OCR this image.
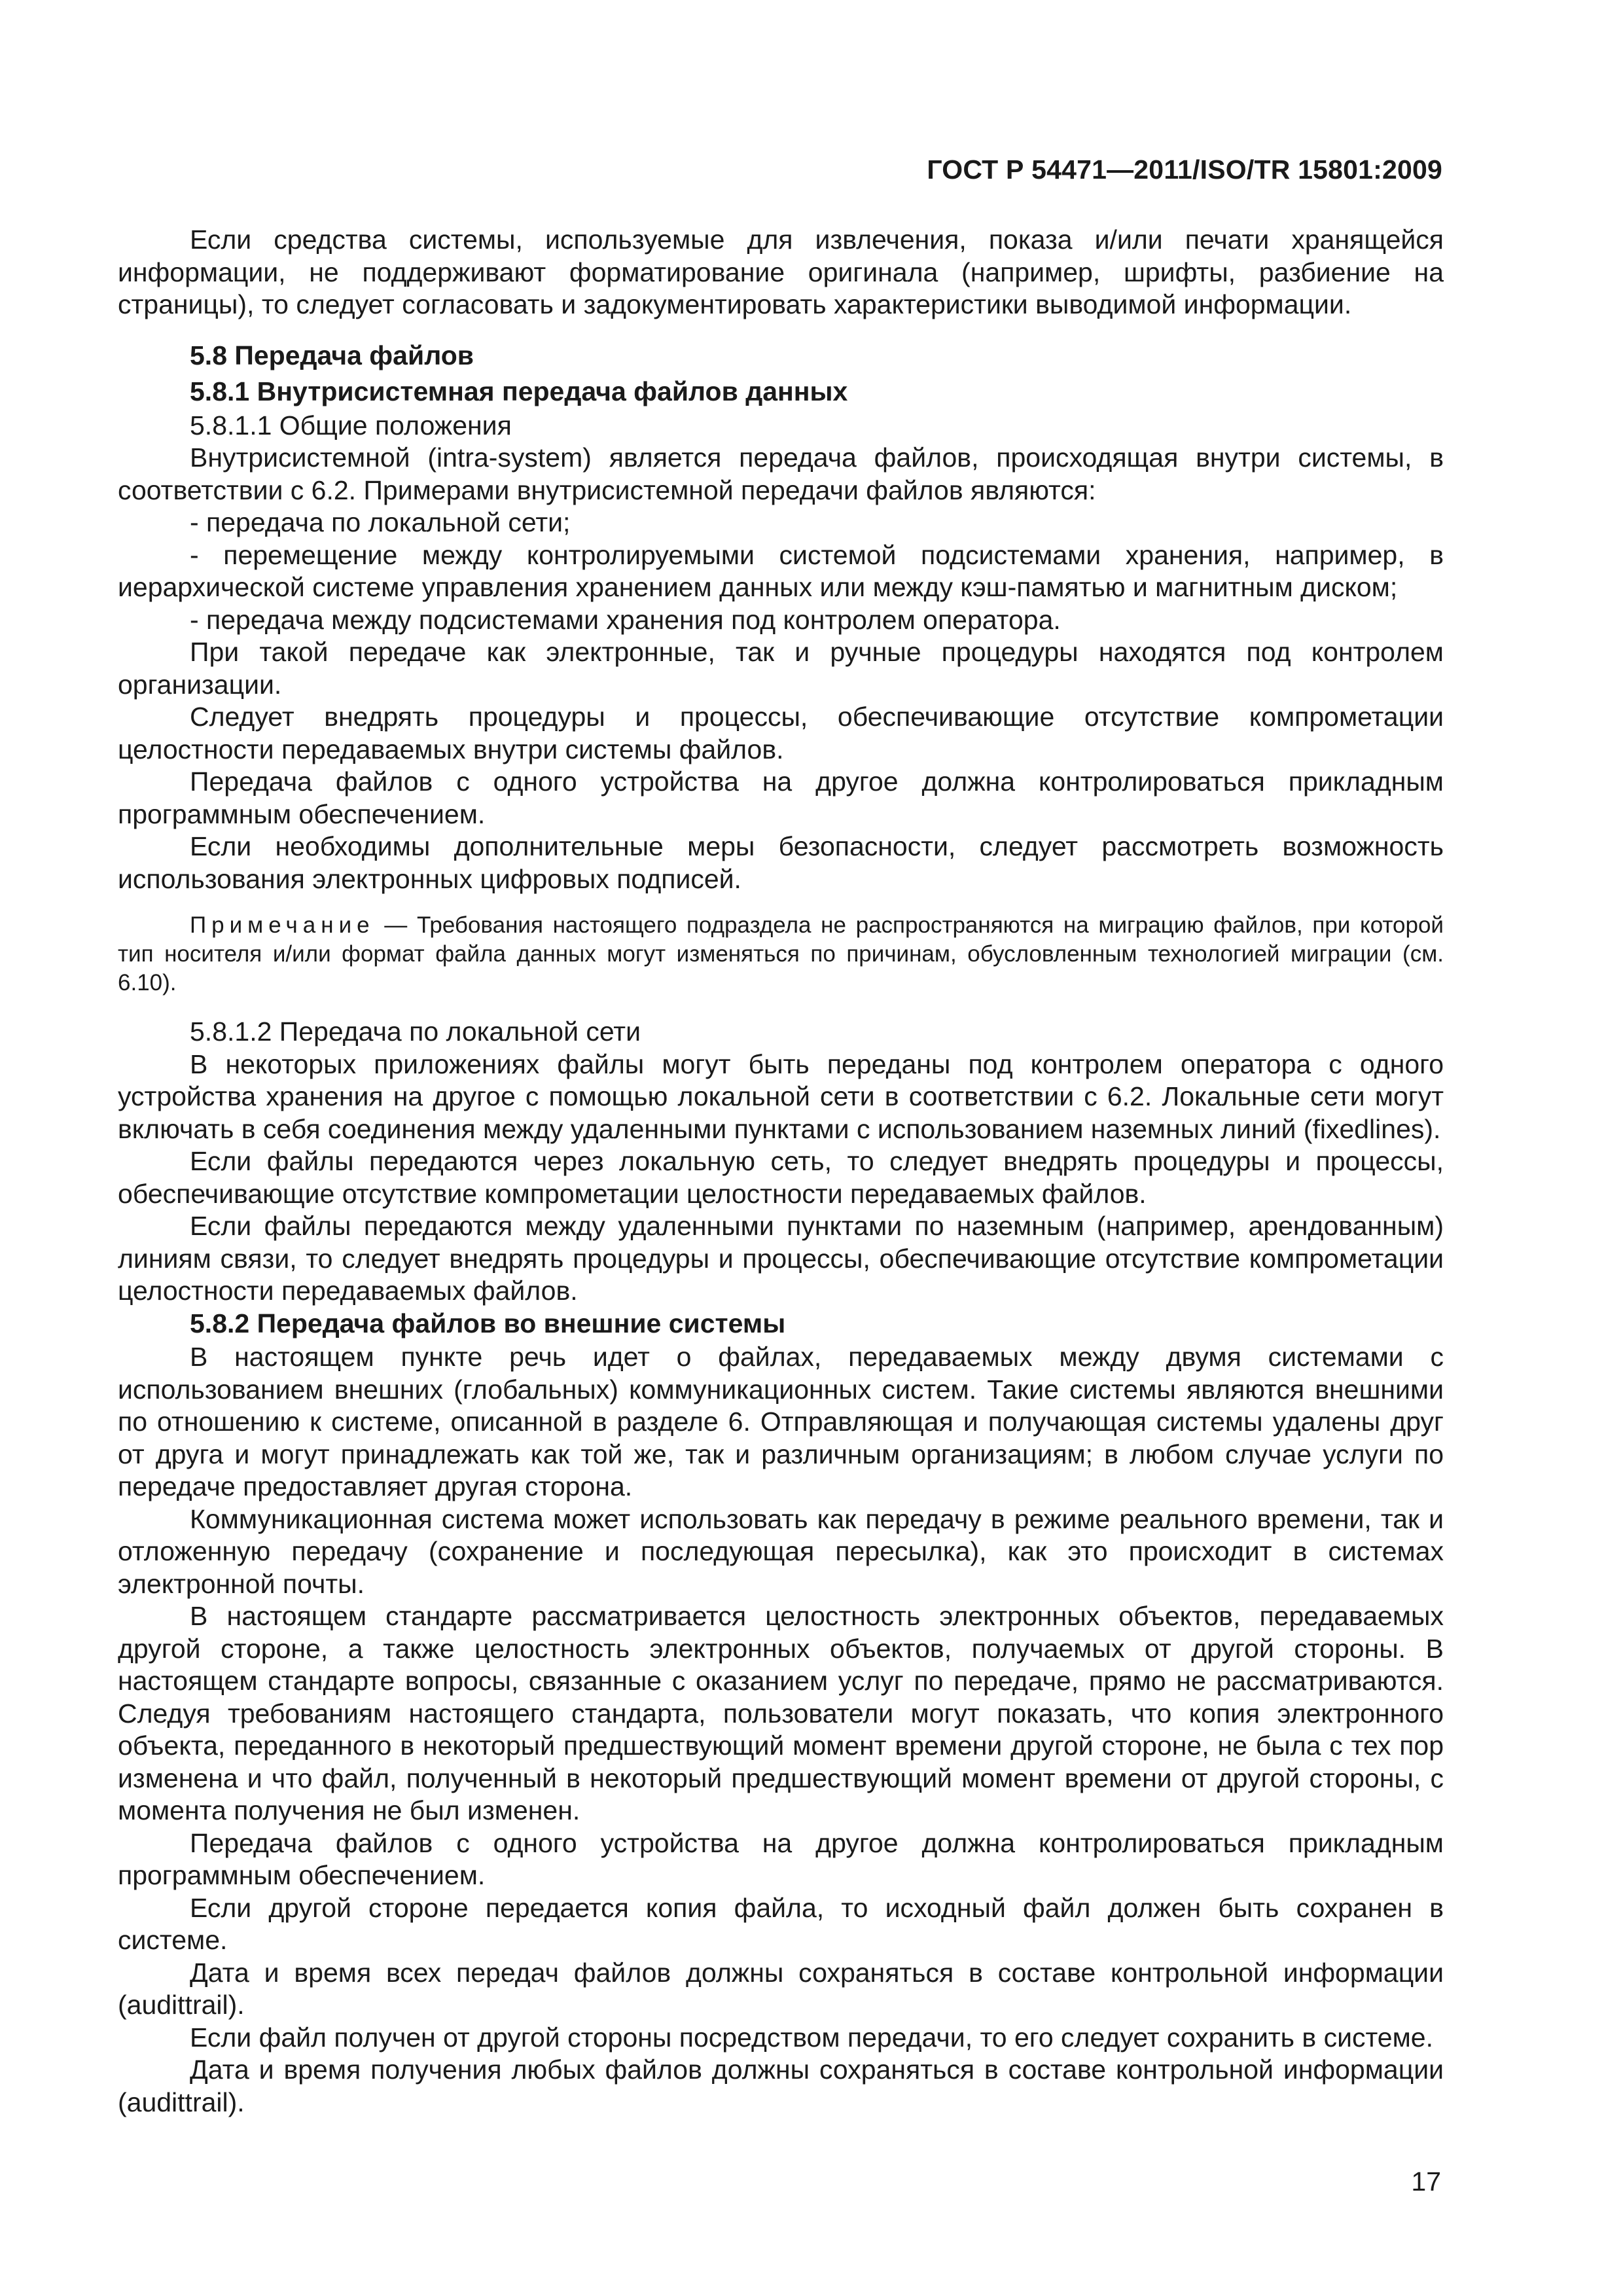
ГОСТ Р 54471—2011/ISO/TR 15801:2009

Если средства системы, используемые для извлечения, показа и/или печати хранящейся информации, не поддерживают форматирование оригинала (например, шрифты, разбиение на страницы), то следует согласовать и задокументировать характеристики выводимой информации.

5.8 Передача файлов

5.8.1 Внутрисистемная передача файлов данных

5.8.1.1 Общие положения

Внутрисистемной (intra-system) является передача файлов, происходящая внутри системы, в соответствии с 6.2. Примерами внутрисистемной передачи файлов являются:

- передача по локальной сети;

- перемещение между контролируемыми системой подсистемами хранения, например, в иерархической системе управления хранением данных или между кэш-памятью и магнитным диском;

- передача между подсистемами хранения под контролем оператора.

При такой передаче как электронные, так и ручные процедуры находятся под контролем организации.

Следует внедрять процедуры и процессы, обеспечивающие отсутствие компрометации целостности передаваемых внутри системы файлов.

Передача файлов с одного устройства на другое должна контролироваться прикладным программным обеспечением.

Если необходимы дополнительные меры безопасности, следует рассмотреть возможность использования электронных цифровых подписей.

Примечание — Требования настоящего подраздела не распространяются на миграцию файлов, при которой тип носителя и/или формат файла данных могут изменяться по причинам, обусловленным технологией миграции (см. 6.10).

5.8.1.2 Передача по локальной сети

В некоторых приложениях файлы могут быть переданы под контролем оператора с одного устройства хранения на другое с помощью локальной сети в соответствии с 6.2. Локальные сети могут включать в себя соединения между удаленными пунктами с использованием наземных линий (fixedlines).

Если файлы передаются через локальную сеть, то следует внедрять процедуры и процессы, обеспечивающие отсутствие компрометации целостности передаваемых файлов.

Если файлы передаются между удаленными пунктами по наземным (например, арендованным) линиям связи, то следует внедрять процедуры и процессы, обеспечивающие отсутствие компрометации целостности передаваемых файлов.

5.8.2 Передача файлов во внешние системы

В настоящем пункте речь идет о файлах, передаваемых между двумя системами с использованием внешних (глобальных) коммуникационных систем. Такие системы являются внешними по отношению к системе, описанной в разделе 6. Отправляющая и получающая системы удалены друг от друга и могут принадлежать как той же, так и различным организациям; в любом случае услуги по передаче предоставляет другая сторона.

Коммуникационная система может использовать как передачу в режиме реального времени, так и отложенную передачу (сохранение и последующая пересылка), как это происходит в системах электронной почты.

В настоящем стандарте рассматривается целостность электронных объектов, передаваемых другой стороне, а также целостность электронных объектов, получаемых от другой стороны. В настоящем стандарте вопросы, связанные с оказанием услуг по передаче, прямо не рассматриваются. Следуя требованиям настоящего стандарта, пользователи могут показать, что копия электронного объекта, переданного в некоторый предшествующий момент времени другой стороне, не была с тех пор изменена и что файл, полученный в некоторый предшествующий момент времени от другой стороны, с момента получения не был изменен.

Передача файлов с одного устройства на другое должна контролироваться прикладным программным обеспечением.

Если другой стороне передается копия файла, то исходный файл должен быть сохранен в системе.

Дата и время всех передач файлов должны сохраняться в составе контрольной информации (audittrail).

Если файл получен от другой стороны посредством передачи, то его следует сохранить в системе.

Дата и время получения любых файлов должны сохраняться в составе контрольной информации (audittrail).

17
